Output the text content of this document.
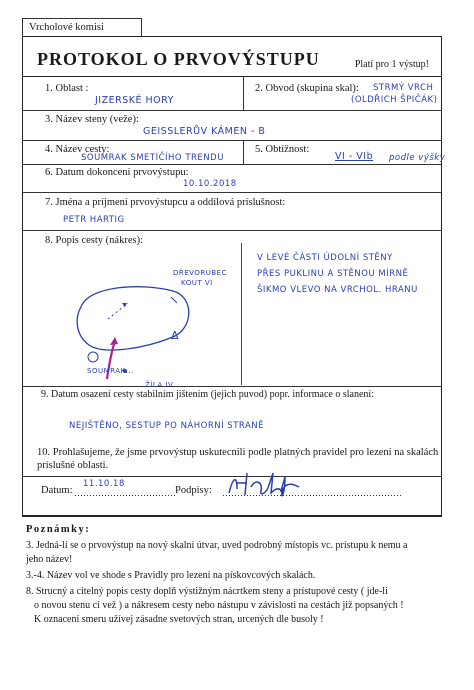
Vrcholové komisi
PROTOKOL O PRVOVÝSTUPU	Platí pro 1 výstup!
1. Oblast :
JIZERSKÉ HORY
2. Obvod (skupina skal): STRMÝ VRCH
(OLDŘICH ŠPIČÁK)
3. Název steny (veže):
GEISSLERŮV KÁMEN - B
4. Název cesty:
SOUMRAK SMETÍČÍHO TRENDU
5. Obtížnost:
VI - VIb podle výšky
6. Datum dokoncení prvovýstupu:
10.10.2018
7. Jména a príjmení prvovýstupcu a oddílová príslušnost:
PETR HARTIG
8. Popis cesty (nákres):
V LEVÉ ČÁSTI ÚDOLNÍ STĚNY
PŘES PUKLINU A STĚNOU MÍRNĚ
ŠIKMO VLEVO NA VRCHOL. HRANU
Δ
DŘEVORUBEC
KOUT VI
SOUMRAK...
ŽÍLA IV
9. Datum osazení cesty stabilním jištením (jejich puvod) popr. informace o slanení:
NEJIŠTĚNO, SESTUP PO NÁHORNÍ STRANĚ
10. Prohlašujeme, že jsme prvovýstup uskutecnili podle platných pravidel pro lezení na skalách
príslušné oblasti.
Datum:
11.10.18
Podpisy:
Poznámky:
3. Jedná-li se o prvovýstup na nový skalní útvar, uved podrobný místopis vc. prístupu k nemu a
jeho název!
3.-4. Název vol ve shode s Pravidly pro lezení na pískovcových skalách.
8. Strucný a citelný popis cesty doplň výstižným nácrtkem steny a prístupové cesty ( jde-li
o novou stenu ci vež ) a nákresem cesty nebo nástupu v závislosti na cestách již popsaných !
K oznacení smeru užívej zásadne svetových stran, urcených dle busoly !
